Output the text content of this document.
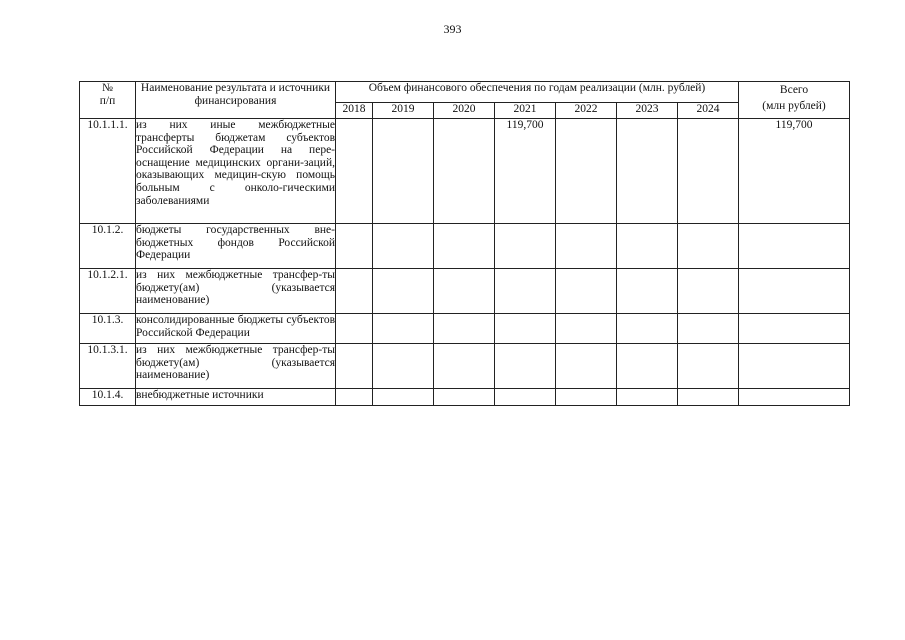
393
№
п/п	Наименование результата и источники финансирования	Объем финансового обеспечения по годам реализации (млн. рублей)							Всего
(млн рублей)
		2018	2019	2020	2021	2022	2023	2024	
10.1.1.1.	из них иные межбюджетные трансферты бюджетам субъектов Российской Федерации на пере-оснащение медицинских органи-заций, оказывающих медицин-скую помощь больным с онколо-гическими заболеваниями				119,700				119,700
10.1.2.	бюджеты государственных вне-бюджетных фондов Российской Федерации								
10.1.2.1.	из них межбюджетные трансфер-ты бюджету(ам) (указывается наименование)								
10.1.3.	консолидированные бюджеты субъектов Российской Федерации								
10.1.3.1.	из них межбюджетные трансфер-ты бюджету(ам) (указывается наименование)								
10.1.4.	внебюджетные источники								
